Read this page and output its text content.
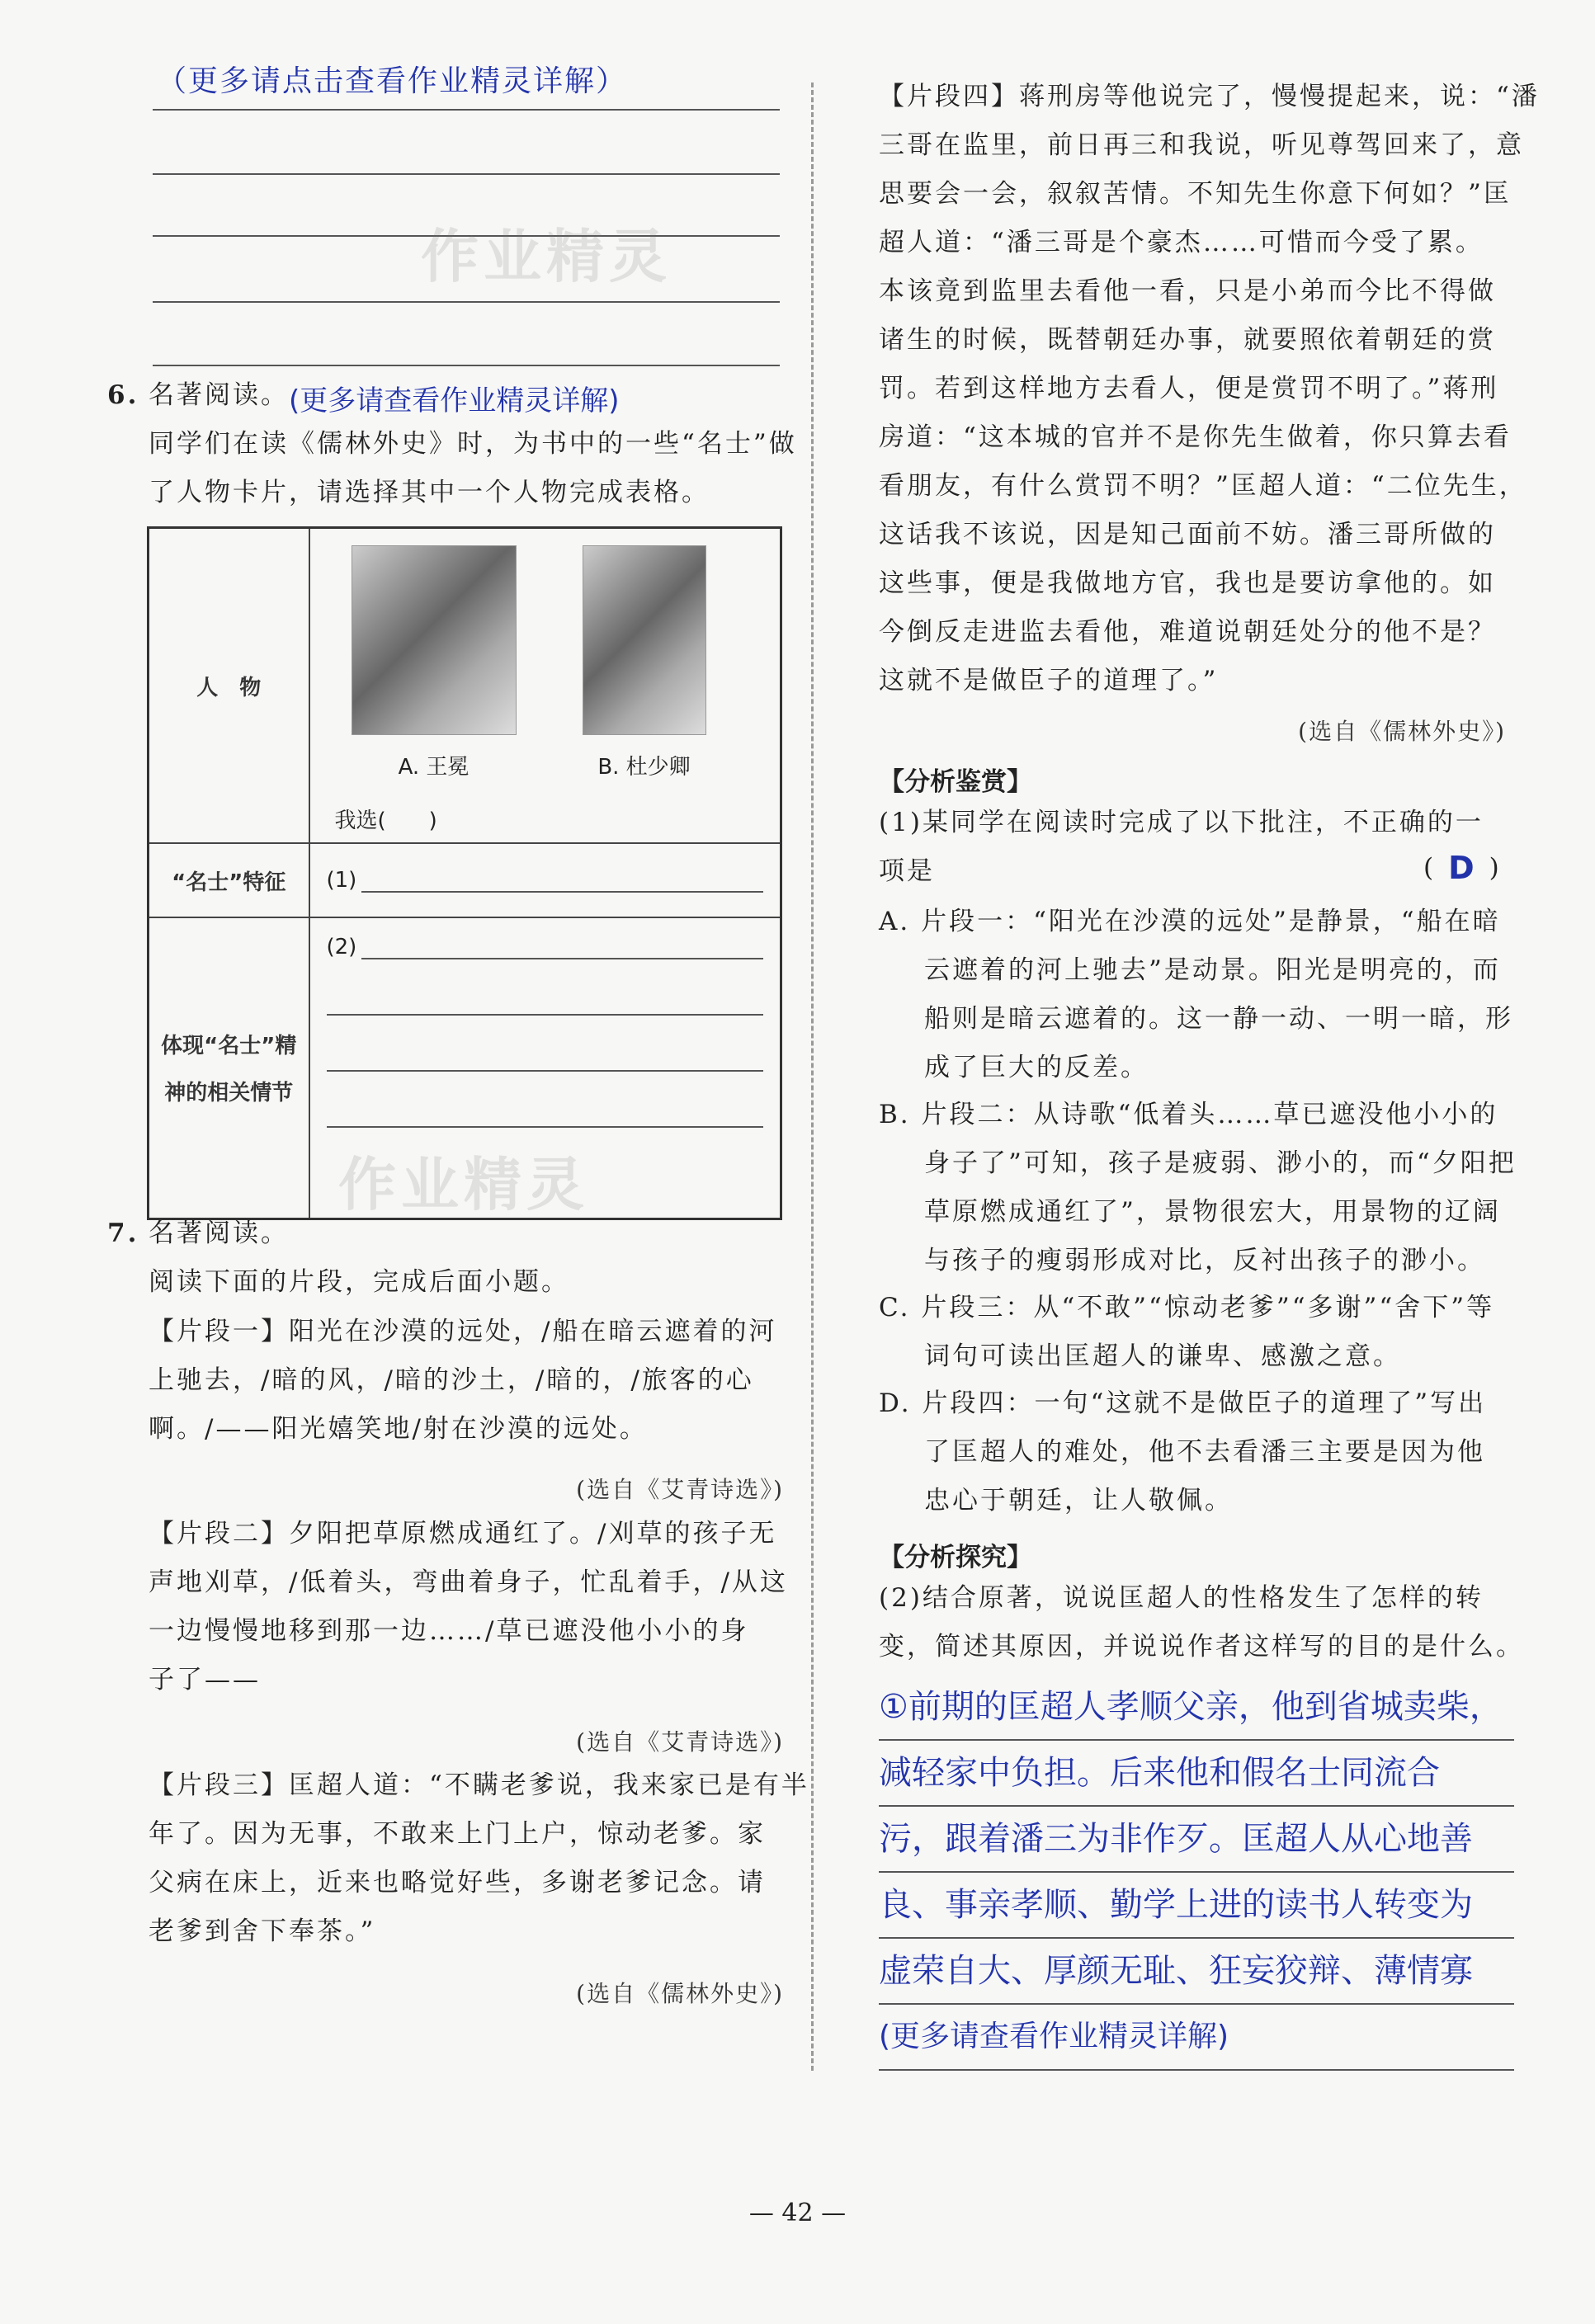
（更多请点击查看作业精灵详解）
作业精灵
6. 名著阅读。 (更多请查看作业精灵详解)
同学们在读《儒林外史》时，为书中的一些“名士”做
了人物卡片，请选择其中一个人物完成表格。
人　物	A. 王冕 B. 杜少卿
我选(　　)

“名士”特征	(1)

体现“名士”精
神的相关情节	(2)
作业精灵
7. 名著阅读。
阅读下面的片段，完成后面小题。
【片段一】阳光在沙漠的远处，/船在暗云遮着的河
上驰去，/暗的风，/暗的沙土，/暗的，/旅客的心
啊。/——阳光嬉笑地/射在沙漠的远处。
(选自《艾青诗选》)
【片段二】夕阳把草原燃成通红了。/刈草的孩子无
声地刈草，/低着头，弯曲着身子，忙乱着手，/从这
一边慢慢地移到那一边……/草已遮没他小小的身
子了——
(选自《艾青诗选》)
【片段三】匡超人道：“不瞒老爹说，我来家已是有半
年了。因为无事，不敢来上门上户，惊动老爹。家
父病在床上，近来也略觉好些，多谢老爹记念。请
老爹到舍下奉茶。”
(选自《儒林外史》)
【片段四】蒋刑房等他说完了，慢慢提起来，说：“潘
三哥在监里，前日再三和我说，听见尊驾回来了，意
思要会一会，叙叙苦情。不知先生你意下何如？”匡
超人道：“潘三哥是个豪杰……可惜而今受了累。
本该竟到监里去看他一看，只是小弟而今比不得做
诸生的时候，既替朝廷办事，就要照依着朝廷的赏
罚。若到这样地方去看人，便是赏罚不明了。”蒋刑
房道：“这本城的官并不是你先生做着，你只算去看
看朋友，有什么赏罚不明？”匡超人道：“二位先生，
这话我不该说，因是知己面前不妨。潘三哥所做的
这些事，便是我做地方官，我也是要访拿他的。如
今倒反走进监去看他，难道说朝廷处分的他不是？
这就不是做臣子的道理了。”
(选自《儒林外史》)
【分析鉴赏】
(1)某同学在阅读时完成了以下批注，不正确的一
项是	( D )
A. 片段一：“阳光在沙漠的远处”是静景，“船在暗
云遮着的河上驰去”是动景。阳光是明亮的，而
船则是暗云遮着的。这一静一动、一明一暗，形
成了巨大的反差。
B. 片段二：从诗歌“低着头……草已遮没他小小的
身子了”可知，孩子是疲弱、渺小的，而“夕阳把
草原燃成通红了”，景物很宏大，用景物的辽阔
与孩子的瘦弱形成对比，反衬出孩子的渺小。
C. 片段三：从“不敢”“惊动老爹”“多谢”“舍下”等
词句可读出匡超人的谦卑、感激之意。
D. 片段四：一句“这就不是做臣子的道理了”写出
了匡超人的难处，他不去看潘三主要是因为他
忠心于朝廷，让人敬佩。
【分析探究】
(2)结合原著，说说匡超人的性格发生了怎样的转
变，简述其原因，并说说作者这样写的目的是什么。
①前期的匡超人孝顺父亲，他到省城卖柴，
减轻家中负担。后来他和假名士同流合
污，跟着潘三为非作歹。匡超人从心地善
良、事亲孝顺、勤学上进的读书人转变为
虚荣自大、厚颜无耻、狂妄狡辩、薄情寡
(更多请查看作业精灵详解)
— 42 —
